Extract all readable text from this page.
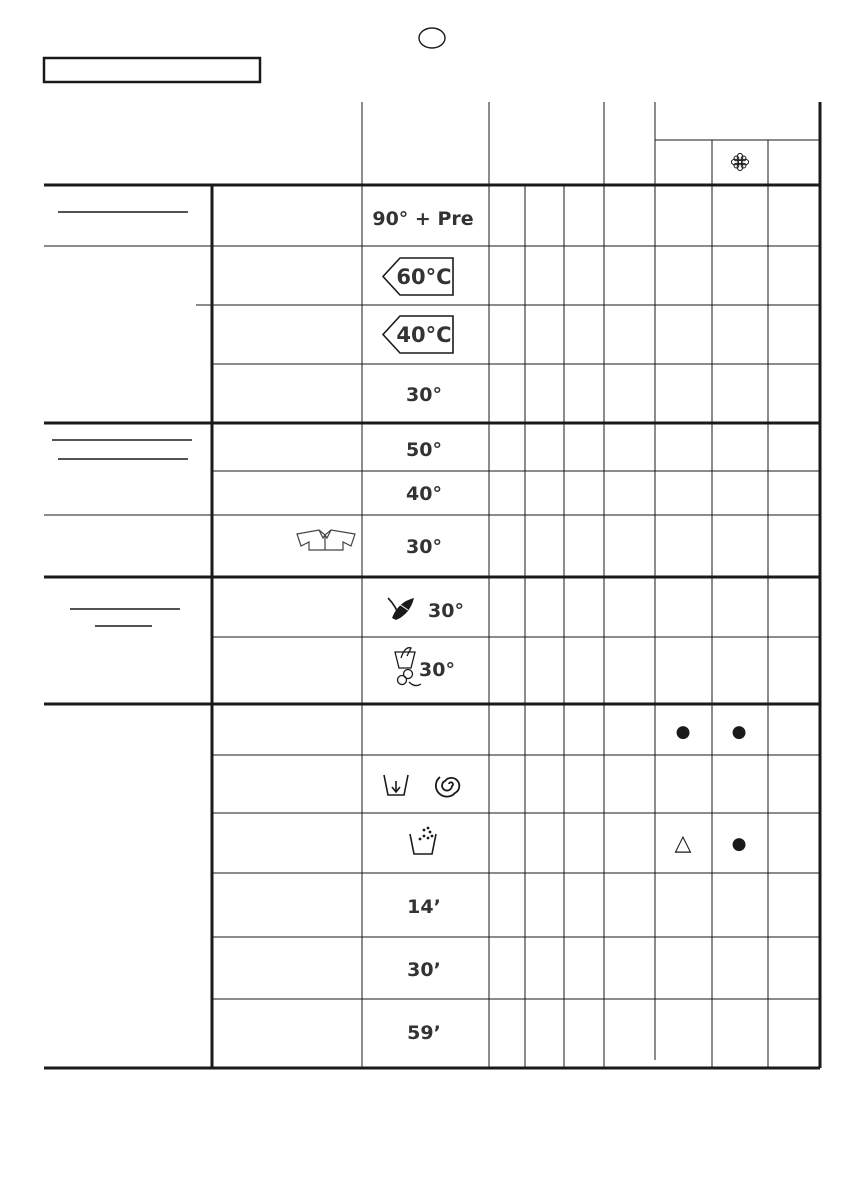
90° + Pre
60°C
40°C
30°
50°
40°
30°
30°
30°
● ●
△ ●
14’
30’
59’
